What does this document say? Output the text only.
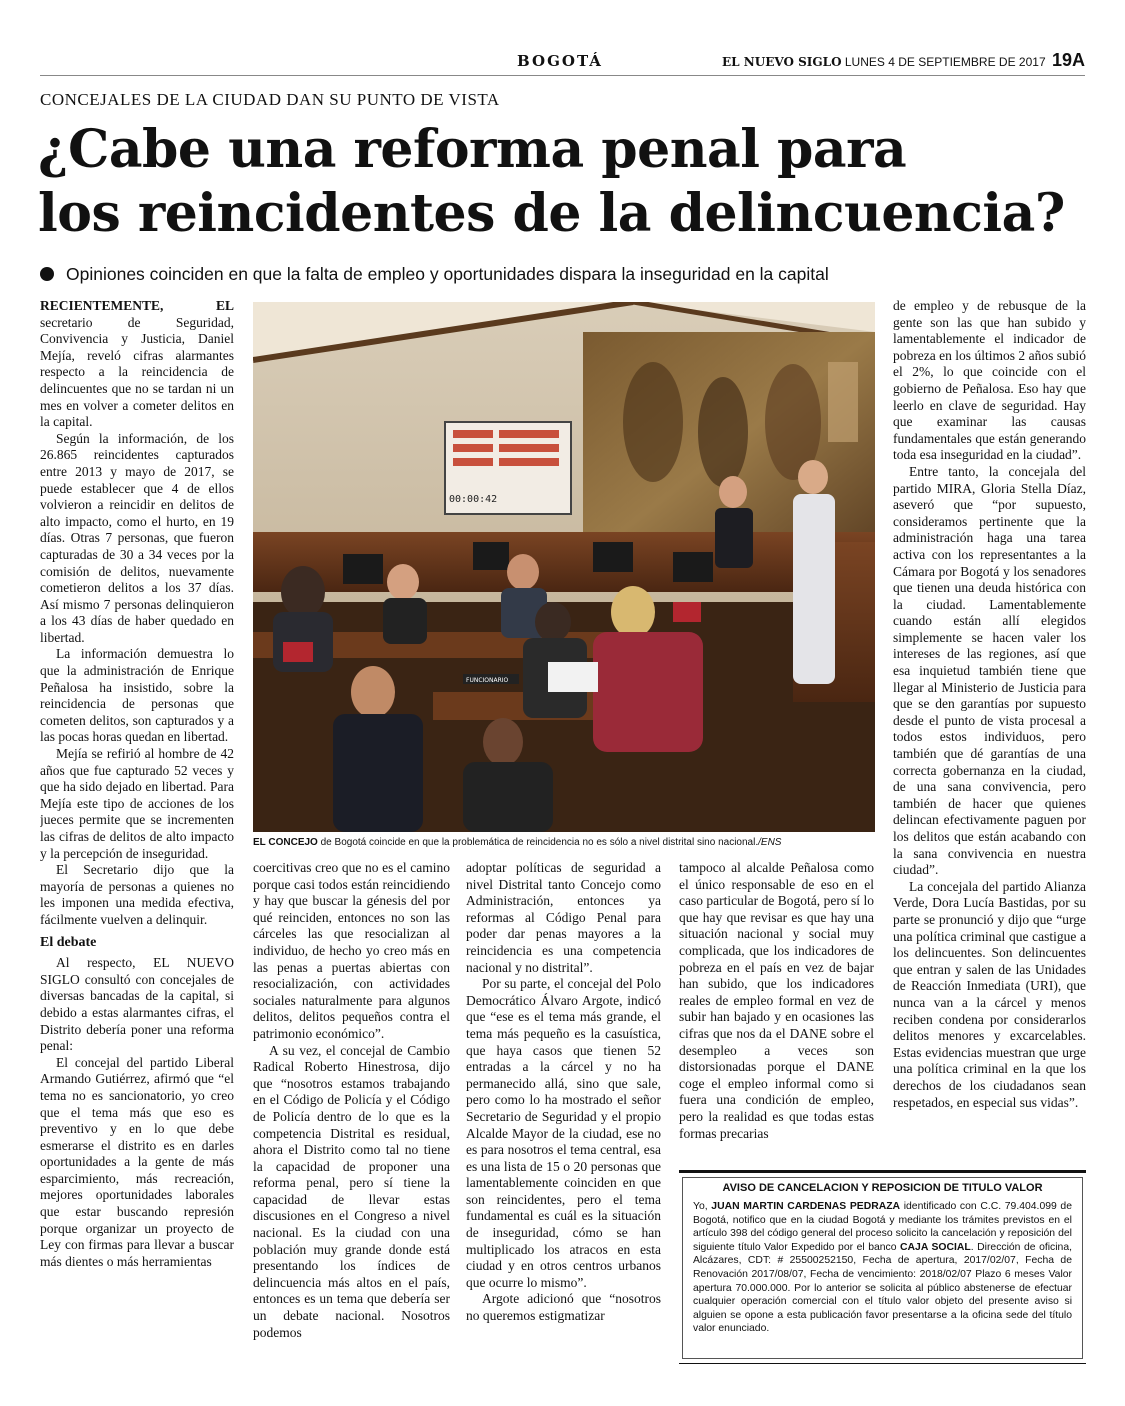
BOGOTÁ	EL NUEVO SIGLO LUNES 4 DE SEPTIEMBRE DE 2017 19A
CONCEJALES DE LA CIUDAD DAN SU PUNTO DE VISTA
¿Cabe una reforma penal para
los reincidentes de la delincuencia?
Opiniones coinciden en que la falta de empleo y oportunidades dispara la inseguridad en la capital

RECIENTEMENTE, EL secretario de Seguridad, Convivencia y Justicia, Daniel Mejía, reveló cifras alarmantes respecto a la reincidencia de delincuentes que no se tardan ni un mes en volver a cometer delitos en la capital.

Según la información, de los 26.865 reincidentes capturados entre 2013 y mayo de 2017, se puede establecer que 4 de ellos volvieron a reincidir en delitos de alto impacto, como el hurto, en 19 días. Otras 7 personas, que fueron capturadas de 30 a 34 veces por la comisión de delitos, nuevamente cometieron delitos a los 37 días. Así mismo 7 personas delinquieron a los 43 días de haber quedado en libertad.

La información demuestra lo que la administración de Enrique Peñalosa ha insistido, sobre la reincidencia de personas que cometen delitos, son capturados y a las pocas horas quedan en libertad.

Mejía se refirió al hombre de 42 años que fue capturado 52 veces y que ha sido dejado en libertad. Para Mejía este tipo de acciones de los jueces permite que se incrementen las cifras de delitos de alto impacto y la percepción de inseguridad.

El Secretario dijo que la mayoría de personas a quienes no les imponen una medida efectiva, fácilmente vuelven a delinquir.

El debate

Al respecto, EL NUEVO SIGLO consultó con concejales de diversas bancadas de la capital, si debido a estas alarmantes cifras, el Distrito debería poner una reforma penal:

El concejal del partido Liberal Armando Gutiérrez, afirmó que “el tema no es sancionatorio, yo creo que el tema más que eso es preventivo y en lo que debe esmerarse el distrito es en darles oportunidades a la gente de más esparcimiento, más recreación, mejores oportunidades laborales que estar buscando represión porque organizar un proyecto de Ley con firmas para llevar a buscar más dientes o más herramientas

00:00:42
FUNCIONARIO
EL CONCEJO de Bogotá coincide en que la problemática de reincidencia no es sólo a nivel distrital sino nacional./ENS

coercitivas creo que no es el camino porque casi todos están reincidiendo y hay que buscar la génesis del por qué reinciden, entonces no son las cárceles las que resocializan al individuo, de hecho yo creo más en las penas a puertas abiertas con resocialización, con actividades sociales naturalmente para algunos delitos, delitos pequeños contra el patrimonio económico”.

A su vez, el concejal de Cambio Radical Roberto Hinestrosa, dijo que “nosotros estamos trabajando en el Código de Policía y el Código de Policía dentro de lo que es la competencia Distrital es residual, ahora el Distrito como tal no tiene la capacidad de proponer una reforma penal, pero sí tiene la capacidad de llevar estas discusiones en el Congreso a nivel nacional. Es la ciudad con una población muy grande donde está presentando los índices de delincuencia más altos en el país, entonces es un tema que debería ser un debate nacional. Nosotros podemos

adoptar políticas de seguridad a nivel Distrital tanto Concejo como Administración, entonces ya reformas al Código Penal para poder dar penas mayores a la reincidencia es una competencia nacional y no distrital”.

Por su parte, el concejal del Polo Democrático Álvaro Argote, indicó que “ese es el tema más grande, el tema más pequeño es la casuística, que haya casos que tienen 52 entradas a la cárcel y no ha permanecido allá, sino que sale, pero como lo ha mostrado el señor Secretario de Seguridad y el propio Alcalde Mayor de la ciudad, ese no es para nosotros el tema central, esa es una lista de 15 o 20 personas que lamentablemente coinciden en que son reincidentes, pero el tema fundamental es cuál es la situación de inseguridad, cómo se han multiplicado los atracos en esta ciudad y en otros centros urbanos que ocurre lo mismo”.

Argote adicionó que “nosotros no queremos estigmatizar

tampoco al alcalde Peñalosa como el único responsable de eso en el caso particular de Bogotá, pero sí lo que hay que revisar es que hay una situación nacional y social muy complicada, que los indicadores de pobreza en el país en vez de bajar han subido, que los indicadores reales de empleo formal en vez de subir han bajado y en ocasiones las cifras que nos da el DANE sobre el desempleo a veces son distorsionadas porque el DANE coge el empleo informal como si fuera una condición de empleo, pero la realidad es que todas estas formas precarias

de empleo y de rebusque de la gente son las que han subido y lamentablemente el indicador de pobreza en los últimos 2 años subió el 2%, lo que coincide con el gobierno de Peñalosa. Eso hay que leerlo en clave de seguridad. Hay que examinar las causas fundamentales que están generando toda esa inseguridad en la ciudad”.

Entre tanto, la concejala del partido MIRA, Gloria Stella Díaz, aseveró que “por supuesto, consideramos pertinente que la administración haga una tarea activa con los representantes a la Cámara por Bogotá y los senadores que tienen una deuda histórica con la ciudad. Lamentablemente cuando están allí elegidos simplemente se hacen valer los intereses de las regiones, así que esa inquietud también tiene que llegar al Ministerio de Justicia para que se den garantías por supuesto desde el punto de vista procesal a todos estos individuos, pero también que dé garantías de una correcta gobernanza en la ciudad, de una sana convivencia, pero también de hacer que quienes delincan efectivamente paguen por los delitos que están acabando con la sana convivencia en nuestra ciudad”.

La concejala del partido Alianza Verde, Dora Lucía Bastidas, por su parte se pronunció y dijo que “urge una política criminal que castigue a los delincuentes. Son delincuentes que entran y salen de las Unidades de Reacción Inmediata (URI), que nunca van a la cárcel y menos reciben condena por considerarlos delitos menores y excarcelables. Estas evidencias muestran que urge una política criminal en la que los derechos de los ciudadanos sean respetados, en especial sus vidas”.

AVISO DE CANCELACION Y REPOSICION DE TITULO VALOR
Yo, JUAN MARTIN CARDENAS PEDRAZA identificado con C.C. 79.404.099 de Bogotá, notifico que en la ciudad Bogotá y mediante los trámites previstos en el artículo 398 del código general del proceso solicito la cancelación y reposición del siguiente título Valor Expedido por el banco CAJA SOCIAL. Dirección de oficina, Alcázares, CDT: # 25500252150, Fecha de apertura, 2017/02/07, Fecha de Renovación 2017/08/07, Fecha de vencimiento: 2018/02/07 Plazo 6 meses Valor apertura 70.000.000. Por lo anterior se solicita al público abstenerse de efectuar cualquier operación comercial con el título valor objeto del presente aviso si alguien se opone a esta publicación favor presentarse a la oficina sede del título valor enunciado.
